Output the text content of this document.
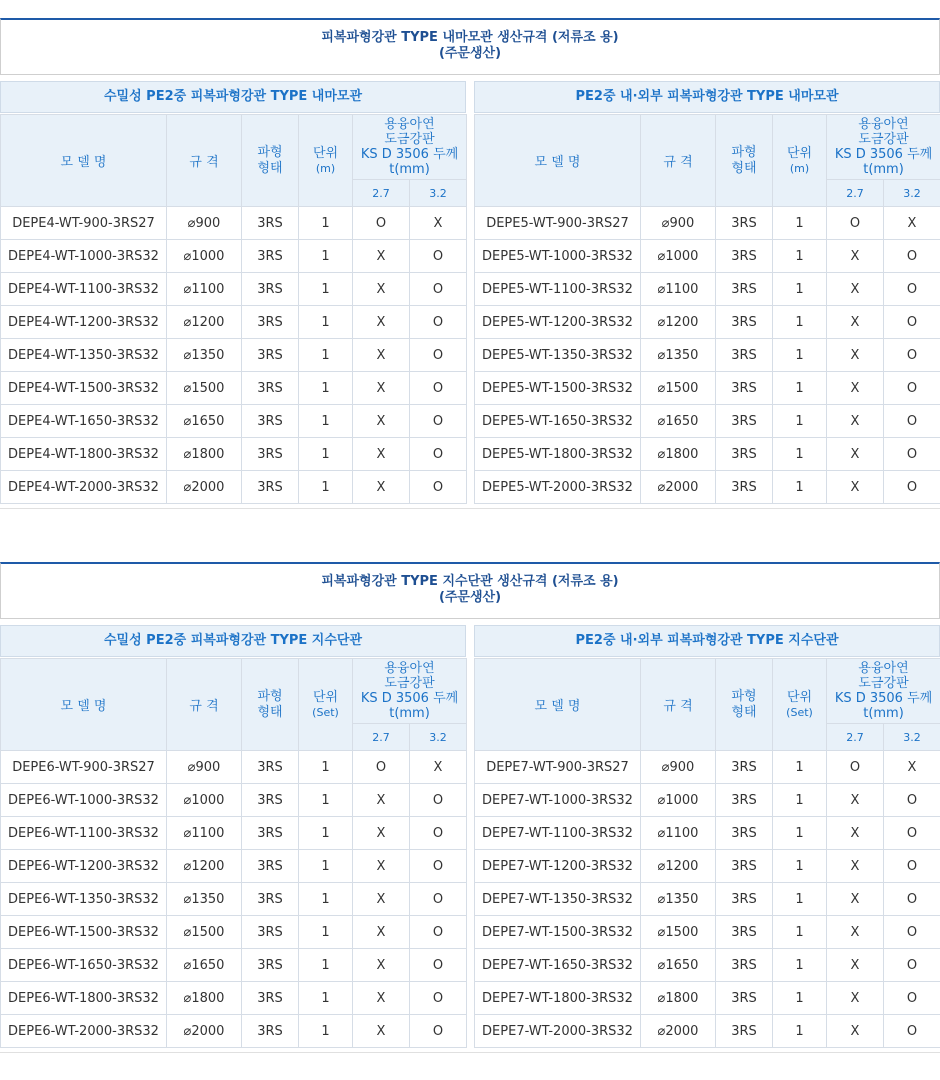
피복파형강관 TYPE 내마모관 생산규격 (저류조 용)
(주문생산)
수밀성 PE2중 피복파형강관 TYPE 내마모관
모 델 명	규 격	파형
형태	단위
(m)	용융아연
도금강판
KS D 3506 두께
t(mm)	
				2.7	3.2
DEPE4-WT-900-3RS27	⌀900	3RS	1	O	X
DEPE4-WT-1000-3RS32	⌀1000	3RS	1	X	O
DEPE4-WT-1100-3RS32	⌀1100	3RS	1	X	O
DEPE4-WT-1200-3RS32	⌀1200	3RS	1	X	O
DEPE4-WT-1350-3RS32	⌀1350	3RS	1	X	O
DEPE4-WT-1500-3RS32	⌀1500	3RS	1	X	O
DEPE4-WT-1650-3RS32	⌀1650	3RS	1	X	O
DEPE4-WT-1800-3RS32	⌀1800	3RS	1	X	O
DEPE4-WT-2000-3RS32	⌀2000	3RS	1	X	O
PE2중 내·외부 피복파형강관 TYPE 내마모관
모 델 명	규 격	파형
형태	단위
(m)	용융아연
도금강판
KS D 3506 두께
t(mm)	
				2.7	3.2
DEPE5-WT-900-3RS27	⌀900	3RS	1	O	X
DEPE5-WT-1000-3RS32	⌀1000	3RS	1	X	O
DEPE5-WT-1100-3RS32	⌀1100	3RS	1	X	O
DEPE5-WT-1200-3RS32	⌀1200	3RS	1	X	O
DEPE5-WT-1350-3RS32	⌀1350	3RS	1	X	O
DEPE5-WT-1500-3RS32	⌀1500	3RS	1	X	O
DEPE5-WT-1650-3RS32	⌀1650	3RS	1	X	O
DEPE5-WT-1800-3RS32	⌀1800	3RS	1	X	O
DEPE5-WT-2000-3RS32	⌀2000	3RS	1	X	O
피복파형강관 TYPE 지수단관 생산규격 (저류조 용)
(주문생산)
수밀성 PE2중 피복파형강관 TYPE 지수단관
모 델 명	규 격	파형
형태	단위
(Set)	용융아연
도금강판
KS D 3506 두께
t(mm)	
				2.7	3.2
DEPE6-WT-900-3RS27	⌀900	3RS	1	O	X
DEPE6-WT-1000-3RS32	⌀1000	3RS	1	X	O
DEPE6-WT-1100-3RS32	⌀1100	3RS	1	X	O
DEPE6-WT-1200-3RS32	⌀1200	3RS	1	X	O
DEPE6-WT-1350-3RS32	⌀1350	3RS	1	X	O
DEPE6-WT-1500-3RS32	⌀1500	3RS	1	X	O
DEPE6-WT-1650-3RS32	⌀1650	3RS	1	X	O
DEPE6-WT-1800-3RS32	⌀1800	3RS	1	X	O
DEPE6-WT-2000-3RS32	⌀2000	3RS	1	X	O
PE2중 내·외부 피복파형강관 TYPE 지수단관
모 델 명	규 격	파형
형태	단위
(Set)	용융아연
도금강판
KS D 3506 두께
t(mm)	
				2.7	3.2
DEPE7-WT-900-3RS27	⌀900	3RS	1	O	X
DEPE7-WT-1000-3RS32	⌀1000	3RS	1	X	O
DEPE7-WT-1100-3RS32	⌀1100	3RS	1	X	O
DEPE7-WT-1200-3RS32	⌀1200	3RS	1	X	O
DEPE7-WT-1350-3RS32	⌀1350	3RS	1	X	O
DEPE7-WT-1500-3RS32	⌀1500	3RS	1	X	O
DEPE7-WT-1650-3RS32	⌀1650	3RS	1	X	O
DEPE7-WT-1800-3RS32	⌀1800	3RS	1	X	O
DEPE7-WT-2000-3RS32	⌀2000	3RS	1	X	O
